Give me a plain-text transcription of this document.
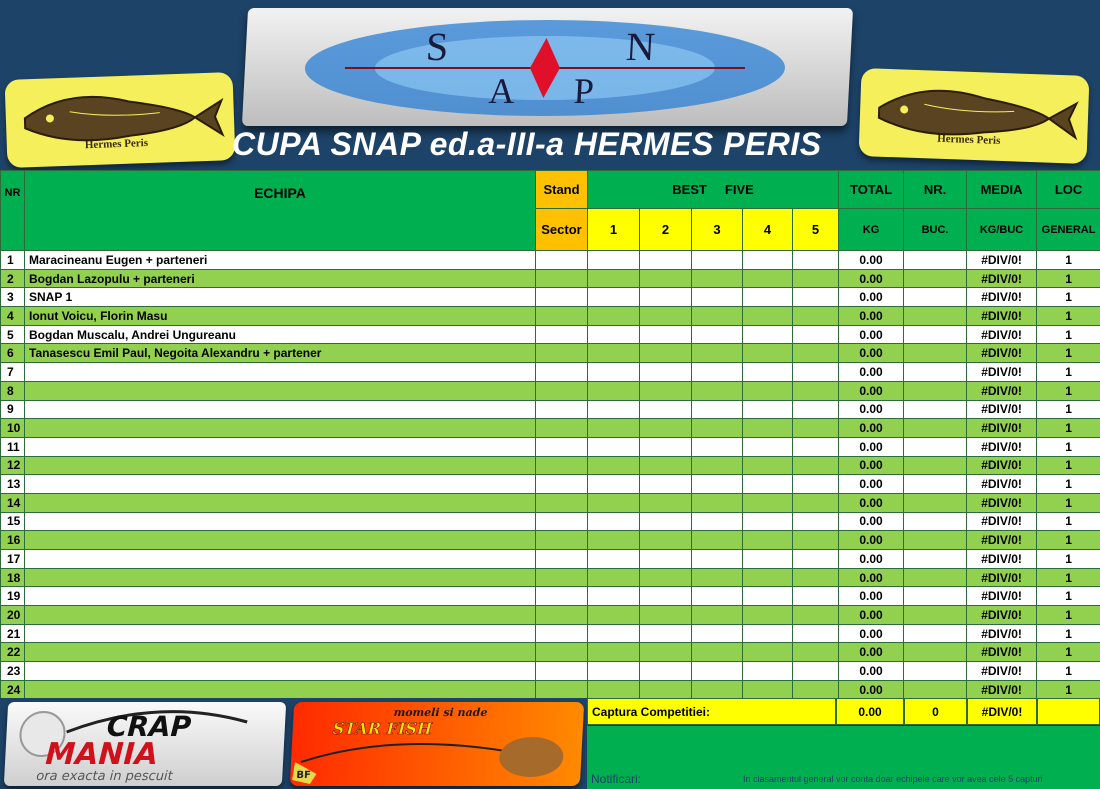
Hermes Peris
S	N
A P
Hermes Peris
CUPA SNAP ed.a-III-a HERMES PERIS
NR	ECHIPA	Stand	BEST     FIVE					TOTAL	NR.	MEDIA	LOC
		Sector	1	2	3	4	5	KG	BUC.	KG/BUC	GENERAL
1	Maracineanu Eugen + parteneri							0.00		#DIV/0!	1
2	Bogdan Lazopulu + parteneri							0.00		#DIV/0!	1
3	SNAP 1							0.00		#DIV/0!	1
4	Ionut Voicu, Florin Masu							0.00		#DIV/0!	1
5	Bogdan Muscalu, Andrei Ungureanu							0.00		#DIV/0!	1
6	Tanasescu Emil Paul, Negoita Alexandru + partener							0.00		#DIV/0!	1
7								0.00		#DIV/0!	1
8								0.00		#DIV/0!	1
9								0.00		#DIV/0!	1
10								0.00		#DIV/0!	1
11								0.00		#DIV/0!	1
12								0.00		#DIV/0!	1
13								0.00		#DIV/0!	1
14								0.00		#DIV/0!	1
15								0.00		#DIV/0!	1
16								0.00		#DIV/0!	1
17								0.00		#DIV/0!	1
18								0.00		#DIV/0!	1
19								0.00		#DIV/0!	1
20								0.00		#DIV/0!	1
21								0.00		#DIV/0!	1
22								0.00		#DIV/0!	1
23								0.00		#DIV/0!	1
24								0.00		#DIV/0!	1
CRAP
MANIA
ora exacta in pescuit
momeli si nade
STAR FISH
BF
Captura Competitiei:	0.00	0	#DIV/0!
Notificari:	In clasamentul general vor conta doar echipele care vor avea cele 5 capturi
